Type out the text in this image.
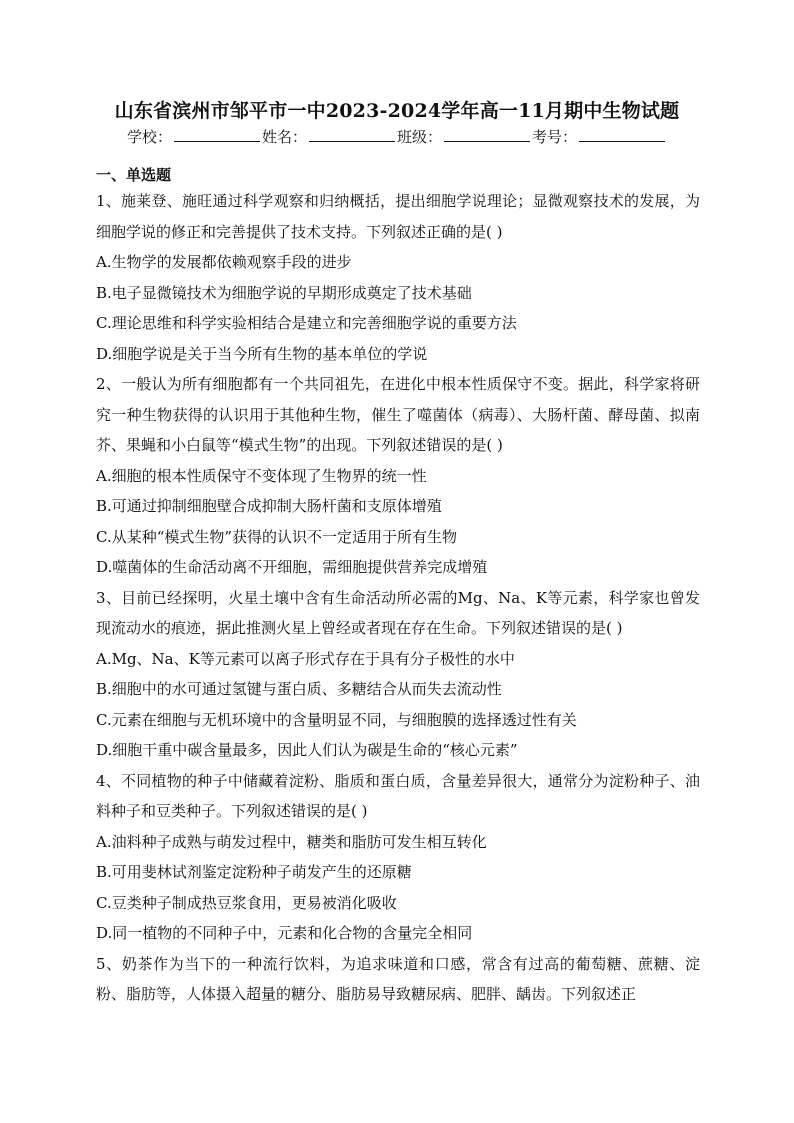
山东省滨州市邹平市一中2023-2024学年高一11月期中生物试题
学校：	姓名：	班级：	考号：
一、单选题
1、施莱登、施旺通过科学观察和归纳概括，提出细胞学说理论；显微观察技术的发展，为细胞学说的修正和完善提供了技术支持。下列叙述正确的是( )
A.生物学的发展都依赖观察手段的进步
B.电子显微镜技术为细胞学说的早期形成奠定了技术基础
C.理论思维和科学实验相结合是建立和完善细胞学说的重要方法
D.细胞学说是关于当今所有生物的基本单位的学说
2、一般认为所有细胞都有一个共同祖先，在进化中根本性质保守不变。据此，科学家将研究一种生物获得的认识用于其他种生物，催生了噬菌体（病毒）、大肠杆菌、酵母菌、拟南芥、果蝇和小白鼠等“模式生物”的出现。下列叙述错误的是( )
A.细胞的根本性质保守不变体现了生物界的统一性
B.可通过抑制细胞壁合成抑制大肠杆菌和支原体增殖
C.从某种“模式生物”获得的认识不一定适用于所有生物
D.噬菌体的生命活动离不开细胞，需细胞提供营养完成增殖
3、目前已经探明，火星土壤中含有生命活动所必需的Mg、Na、K等元素，科学家也曾发现流动水的痕迹，据此推测火星上曾经或者现在存在生命。下列叙述错误的是( )
A.Mg、Na、K等元素可以离子形式存在于具有分子极性的水中
B.细胞中的水可通过氢键与蛋白质、多糖结合从而失去流动性
C.元素在细胞与无机环境中的含量明显不同，与细胞膜的选择透过性有关
D.细胞干重中碳含量最多，因此人们认为碳是生命的“核心元素”
4、不同植物的种子中储藏着淀粉、脂质和蛋白质，含量差异很大，通常分为淀粉种子、油料种子和豆类种子。下列叙述错误的是( )
A.油料种子成熟与萌发过程中，糖类和脂肪可发生相互转化
B.可用斐林试剂鉴定淀粉种子萌发产生的还原糖
C.豆类种子制成热豆浆食用，更易被消化吸收
D.同一植物的不同种子中，元素和化合物的含量完全相同
5、奶茶作为当下的一种流行饮料，为追求味道和口感，常含有过高的葡萄糖、蔗糖、淀粉、脂肪等，人体摄入超量的糖分、脂肪易导致糖尿病、肥胖、龋齿。下列叙述正
